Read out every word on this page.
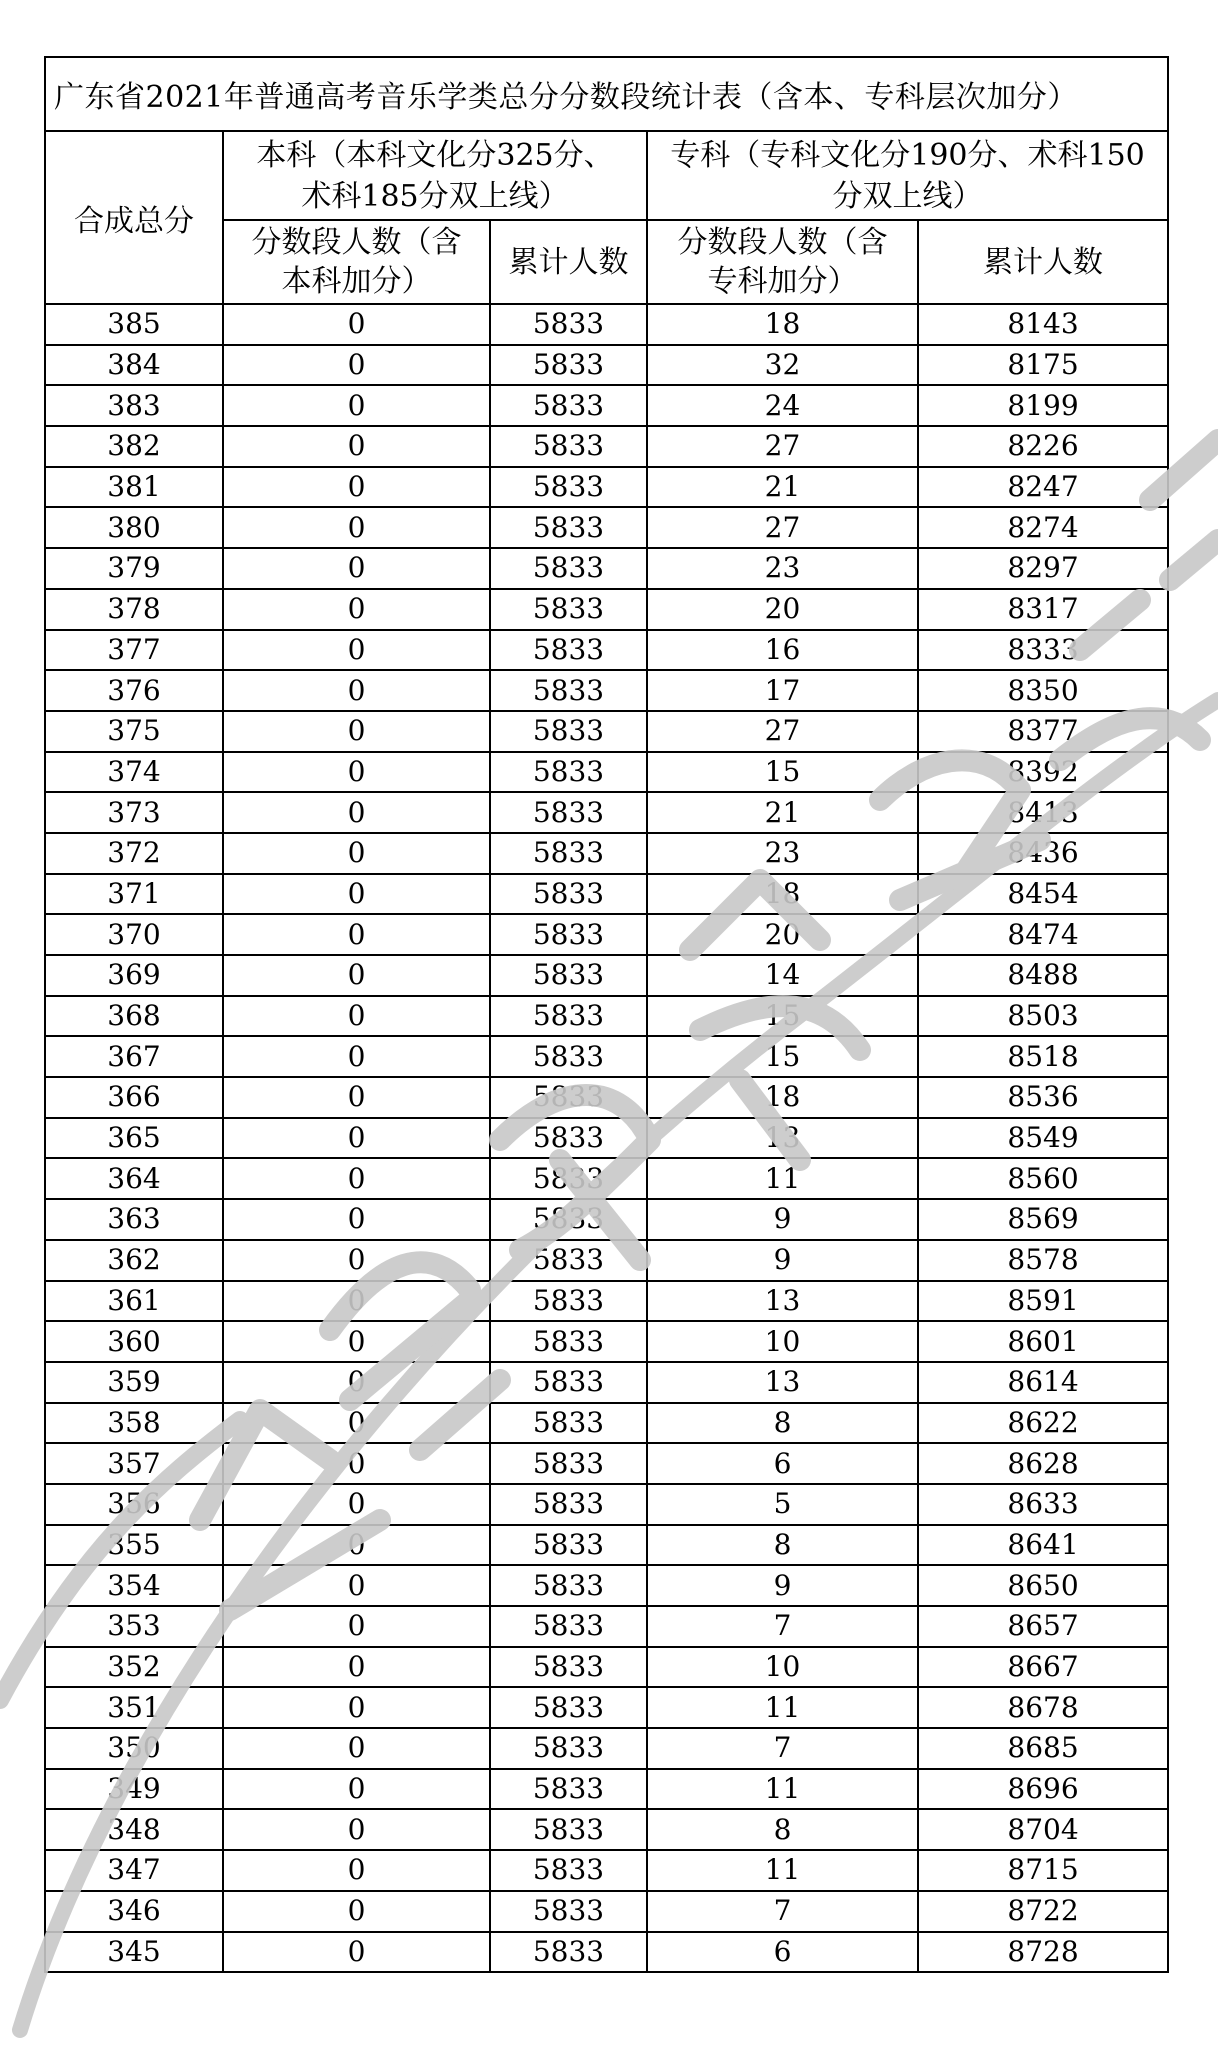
广东省2021年普通高考音乐学类总分分数段统计表（含本、专科层次加分）				
合成总分	本科（本科文化分325分、
术科185分双上线）		专科（专科文化分190分、术科150
分双上线）	
	分数段人数（含
本科加分）	累计人数	分数段人数（含
专科加分）	累计人数
385	0	5833	18	8143
384	0	5833	32	8175
383	0	5833	24	8199
382	0	5833	27	8226
381	0	5833	21	8247
380	0	5833	27	8274
379	0	5833	23	8297
378	0	5833	20	8317
377	0	5833	16	8333
376	0	5833	17	8350
375	0	5833	27	8377
374	0	5833	15	8392
373	0	5833	21	8413
372	0	5833	23	8436
371	0	5833	18	8454
370	0	5833	20	8474
369	0	5833	14	8488
368	0	5833	15	8503
367	0	5833	15	8518
366	0	5833	18	8536
365	0	5833	13	8549
364	0	5833	11	8560
363	0	5833	9	8569
362	0	5833	9	8578
361	0	5833	13	8591
360	0	5833	10	8601
359	0	5833	13	8614
358	0	5833	8	8622
357	0	5833	6	8628
356	0	5833	5	8633
355	0	5833	8	8641
354	0	5833	9	8650
353	0	5833	7	8657
352	0	5833	10	8667
351	0	5833	11	8678
350	0	5833	7	8685
349	0	5833	11	8696
348	0	5833	8	8704
347	0	5833	11	8715
346	0	5833	7	8722
345	0	5833	6	8728
